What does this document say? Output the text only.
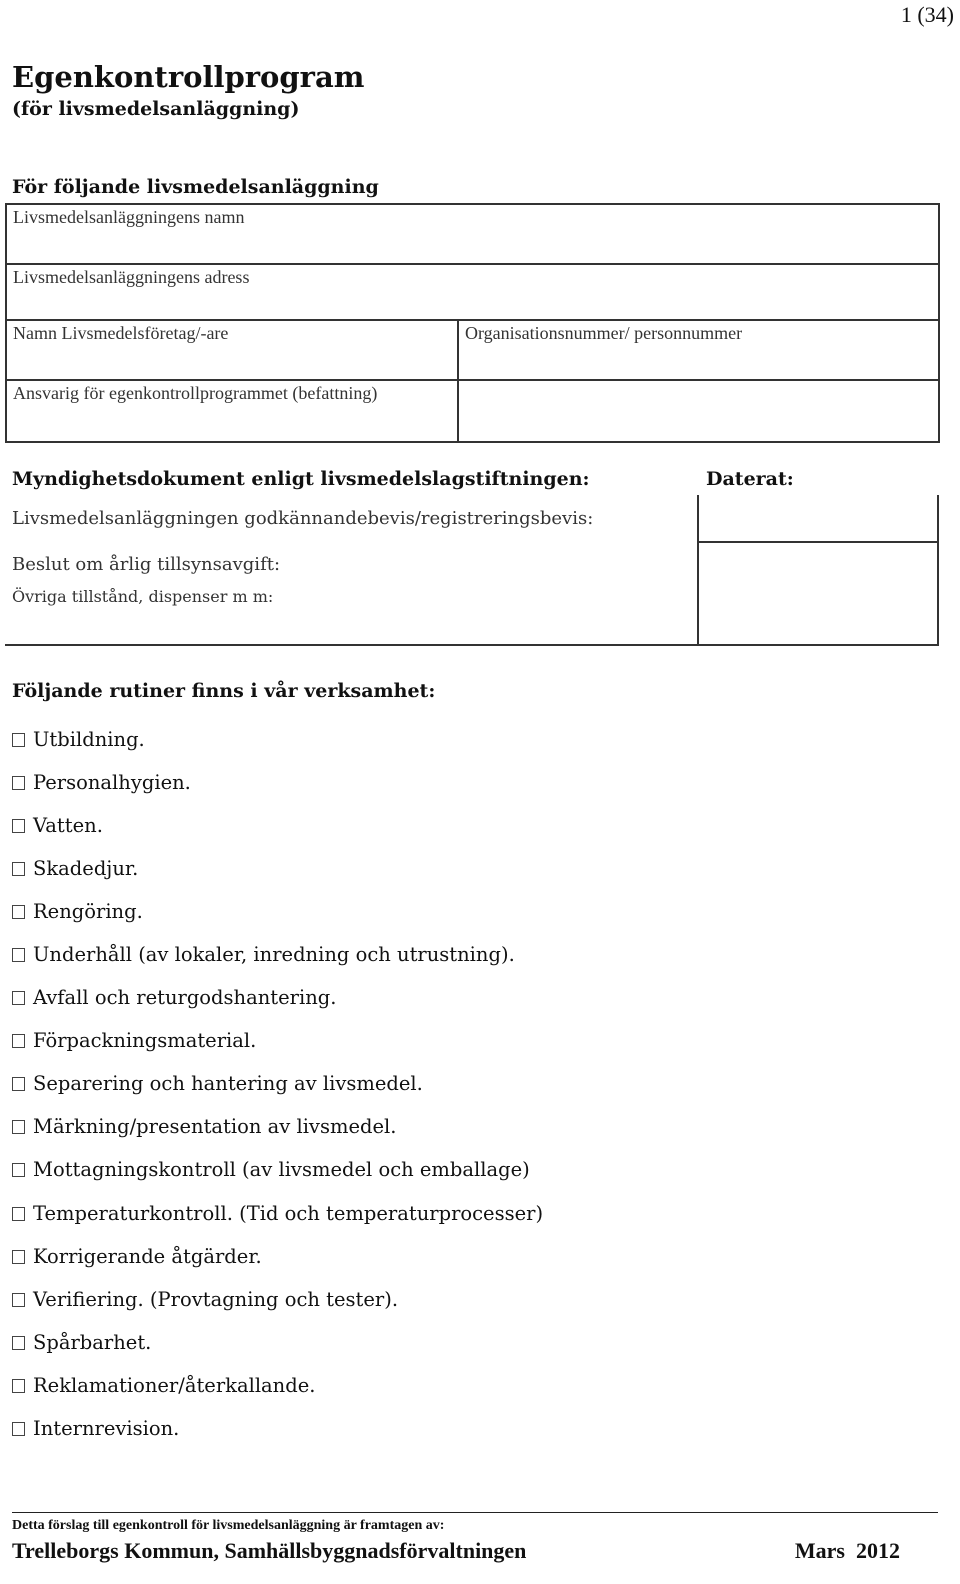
1 (34)
Egenkontrollprogram
(för livsmedelsanläggning)
För följande livsmedelsanläggning
Livsmedelsanläggningens namn	
Livsmedelsanläggningens adress	
Namn Livsmedelsföretag/-are	Organisationsnummer/ personnummer
Ansvarig för egenkontrollprogrammet (befattning)	
Myndighetsdokument enligt livsmedelslagstiftningen:	Daterat:
Livsmedelsanläggningen godkännandebevis/registreringsbevis:
Beslut om årlig tillsynsavgift:
Övriga tillstånd, dispenser m m:
Följande rutiner finns i vår verksamhet:
Utbildning.
Personalhygien.
Vatten.
Skadedjur.
Rengöring.
Underhåll (av lokaler, inredning och utrustning).
Avfall och returgodshantering.
Förpackningsmaterial.
Separering och hantering av livsmedel.
Märkning/presentation av livsmedel.
Mottagningskontroll (av livsmedel och emballage)
Temperaturkontroll. (Tid och temperaturprocesser)
Korrigerande åtgärder.
Verifiering. (Provtagning och tester).
Spårbarhet.
Reklamationer/återkallande.
Internrevision.
Detta förslag till egenkontroll för livsmedelsanläggning är framtagen av:
Trelleborgs Kommun, Samhällsbyggnadsförvaltningen	Mars  2012
